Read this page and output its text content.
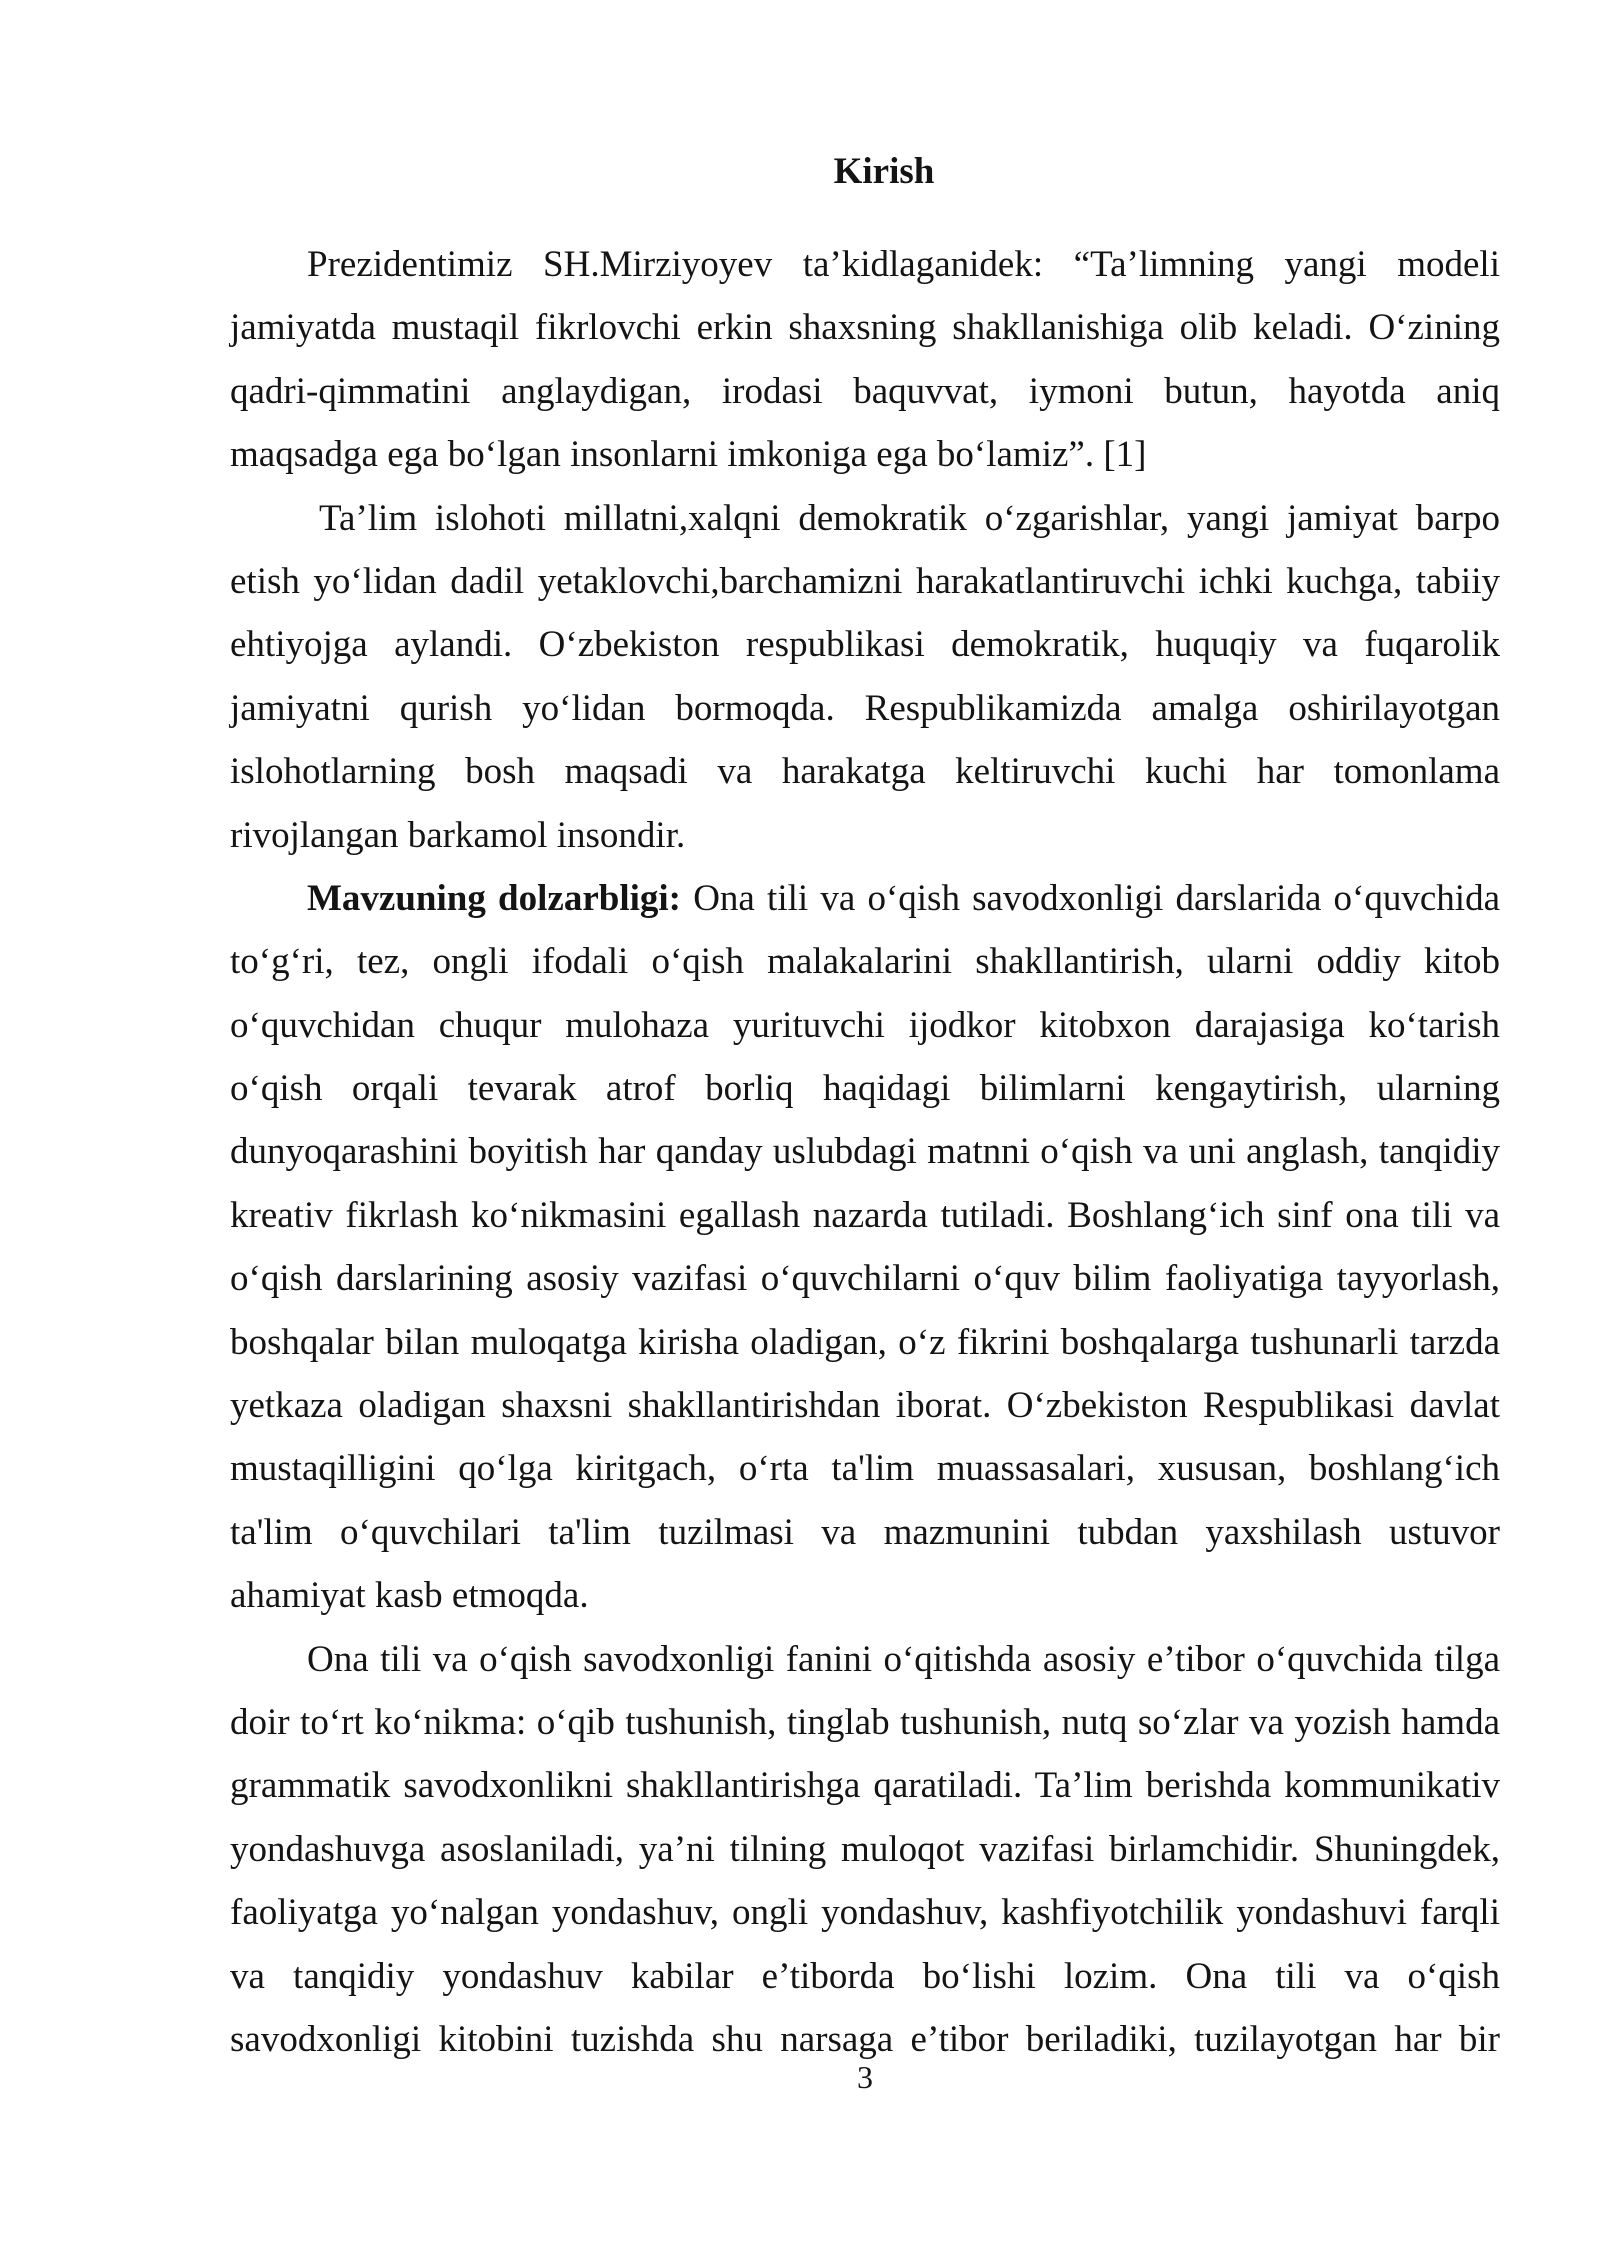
Kirish
Prezidentimiz SH.Mirziyoyev ta’kidlaganidek: “Ta’limning yangi modeli
jamiyatda mustaqil fikrlovchi erkin shaxsning shakllanishiga olib keladi. O‘zining
qadri-qimmatini anglaydigan, irodasi baquvvat, iymoni butun, hayotda aniq
maqsadga ega bo‘lgan insonlarni imkoniga ega bo‘lamiz”. [1]
Ta’lim islohoti millatni,xalqni demokratik o‘zgarishlar, yangi jamiyat barpo
etish yo‘lidan dadil yetaklovchi,barchamizni harakatlantiruvchi ichki kuchga, tabiiy
ehtiyojga aylandi. O‘zbekiston respublikasi demokratik, huquqiy va fuqarolik
jamiyatni qurish yo‘lidan bormoqda. Respublikamizda amalga oshirilayotgan
islohotlarning bosh maqsadi va harakatga keltiruvchi kuchi har tomonlama
rivojlangan barkamol insondir.
Mavzuning dolzarbligi: Ona tili va o‘qish savodxonligi darslarida o‘quvchida
to‘g‘ri, tez, ongli ifodali o‘qish malakalarini shakllantirish, ularni oddiy kitob
o‘quvchidan chuqur mulohaza yurituvchi ijodkor kitobxon darajasiga ko‘tarish
o‘qish orqali tevarak atrof borliq haqidagi bilimlarni kengaytirish, ularning
dunyoqarashini boyitish har qanday uslubdagi matnni o‘qish va uni anglash, tanqidiy
kreativ fikrlash ko‘nikmasini egallash nazarda tutiladi. Boshlang‘ich sinf ona tili va
o‘qish darslarining asosiy vazifasi o‘quvchilarni o‘quv bilim faoliyatiga tayyorlash,
boshqalar bilan muloqatga kirisha oladigan, o‘z fikrini boshqalarga tushunarli tarzda
yetkaza oladigan shaxsni shakllantirishdan iborat. O‘zbekiston Respublikasi davlat
mustaqilligini qo‘lga kiritgach, o‘rta ta'lim muassasalari, xususan, boshlang‘ich
ta'lim o‘quvchilari ta'lim tuzilmasi va mazmunini tubdan yaxshilash ustuvor
ahamiyat kasb etmoqda.
Ona tili va o‘qish savodxonligi fanini o‘qitishda asosiy e’tibor o‘quvchida tilga
doir to‘rt ko‘nikma: o‘qib tushunish, tinglab tushunish, nutq so‘zlar va yozish hamda
grammatik savodxonlikni shakllantirishga qaratiladi. Ta’lim berishda kommunikativ
yondashuvga asoslaniladi, ya’ni tilning muloqot vazifasi birlamchidir. Shuningdek,
faoliyatga yo‘nalgan yondashuv, ongli yondashuv, kashfiyotchilik yondashuvi farqli
va tanqidiy yondashuv kabilar e’tiborda bo‘lishi lozim. Ona tili va o‘qish
savodxonligi kitobini tuzishda shu narsaga e’tibor beriladiki, tuzilayotgan har bir
3
